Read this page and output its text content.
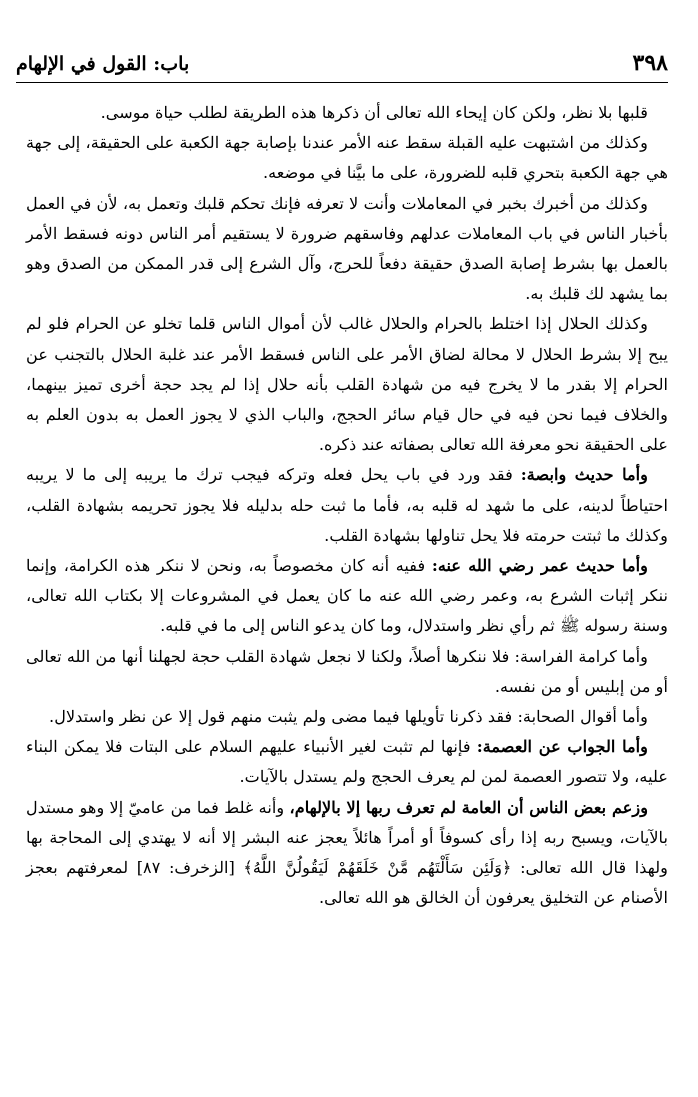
٣٩٨
باب: القول في الإلهام

قلبها بلا نظر، ولكن كان إيحاء الله تعالى أن ذكرها هذه الطريقة لطلب حياة موسى.

وكذلك من اشتبهت عليه القبلة سقط عنه الأمر عندنا بإصابة جهة الكعبة على الحقيقة، إلى جهة هي جهة الكعبة بتحري قلبه للضرورة، على ما بيَّنا في موضعه.

وكذلك من أخبرك بخبر في المعاملات وأنت لا تعرفه فإنك تحكم قلبك وتعمل به، لأن في العمل بأخبار الناس في باب المعاملات عدلهم وفاسقهم ضرورة لا يستقيم أمر الناس دونه فسقط الأمر بالعمل بها بشرط إصابة الصدق حقيقة دفعاً للحرج، وآل الشرع إلى قدر الممكن من الصدق وهو بما يشهد لك قلبك به.

وكذلك الحلال إذا اختلط بالحرام والحلال غالب لأن أموال الناس قلما تخلو عن الحرام فلو لم يبح إلا بشرط الحلال لا محالة لضاق الأمر على الناس فسقط الأمر عند غلبة الحلال بالتجنب عن الحرام إلا بقدر ما لا يخرج فيه من شهادة القلب بأنه حلال إذا لم يجد حجة أخرى تميز بينهما، والخلاف فيما نحن فيه في حال قيام سائر الحجج، والباب الذي لا يجوز العمل به بدون العلم به على الحقيقة نحو معرفة الله تعالى بصفاته عند ذكره.

وأما حديث وابصة: فقد ورد في باب يحل فعله وتركه فيجب ترك ما يريبه إلى ما لا يريبه احتياطاً لدينه، على ما شهد له قلبه به، فأما ما ثبت حله بدليله فلا يجوز تحريمه بشهادة القلب، وكذلك ما ثبتت حرمته فلا يحل تناولها بشهادة القلب.

وأما حديث عمر رضي الله عنه: ففيه أنه كان مخصوصاً به، ونحن لا ننكر هذه الكرامة، وإنما ننكر إثبات الشرع به، وعمر رضي الله عنه ما كان يعمل في المشروعات إلا بكتاب الله تعالى، وسنة رسوله ﷺ ثم رأي نظر واستدلال، وما كان يدعو الناس إلى ما في قلبه.

وأما كرامة الفراسة: فلا ننكرها أصلاً، ولكنا لا نجعل شهادة القلب حجة لجهلنا أنها من الله تعالى أو من إبليس أو من نفسه.

وأما أقوال الصحابة: فقد ذكرنا تأويلها فيما مضى ولم يثبت منهم قول إلا عن نظر واستدلال.

وأما الجواب عن العصمة: فإنها لم تثبت لغير الأنبياء عليهم السلام على البتات فلا يمكن البناء عليه، ولا تتصور العصمة لمن لم يعرف الحجج ولم يستدل بالآيات.

وزعم بعض الناس أن العامة لم تعرف ربها إلا بالإلهام، وأنه غلط فما من عاميّ إلا وهو مستدل بالآيات، ويسبح ربه إذا رأى كسوفاً أو أمراً هائلاً يعجز عنه البشر إلا أنه لا يهتدي إلى المحاجة بها ولهذا قال الله تعالى: ﴿وَلَئِن سَأَلْتَهُم مَّنْ خَلَقَهُمْ لَيَقُولُنَّ اللَّهُ﴾ [الزخرف: ٨٧] لمعرفتهم بعجز الأصنام عن التخليق يعرفون أن الخالق هو الله تعالى.
